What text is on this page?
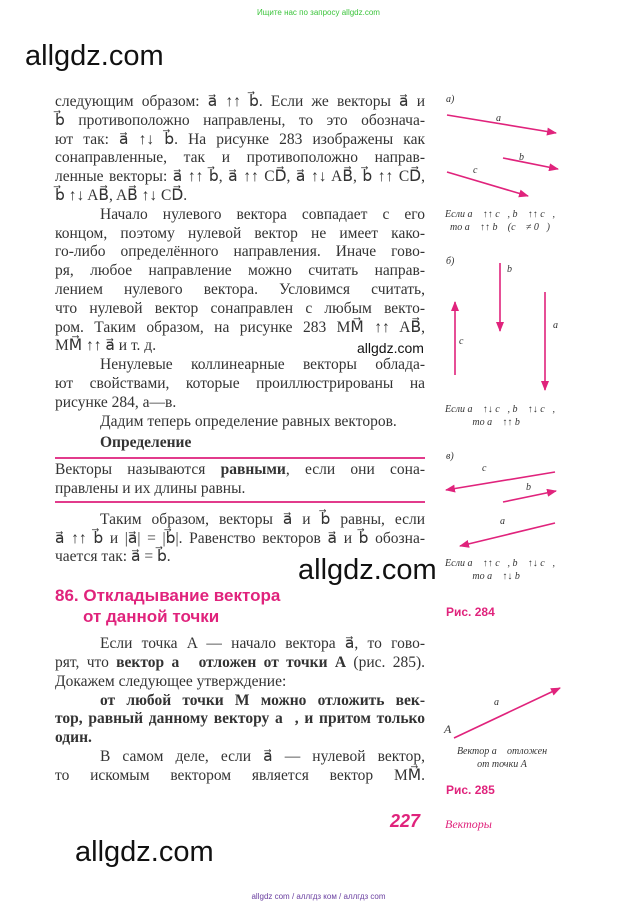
Ищите нас по запросу allgdz.com
allgdz.com
allgdz.com
allgdz.com
allgdz.com
следующим образом: a⃗ ↑↑ b⃗. Если же векторы a⃗ и
b⃗ противоположно направлены, то это обознача-
ют так: a⃗ ↑↓ b⃗. На рисунке 283 изображены как
сонаправленные, так и противоположно направ-
ленные векторы: a⃗ ↑↑ b⃗, a⃗ ↑↑ CD⃗, a⃗ ↑↓ AB⃗, b⃗ ↑↑ CD⃗,
b⃗ ↑↓ AB⃗, AB⃗ ↑↓ CD⃗.
Начало нулевого вектора совпадает с его
концом, поэтому нулевой вектор не имеет како-
го-либо определённого направления. Иначе гово-
ря, любое направление можно считать направ-
лением нулевого вектора. Условимся считать,
что нулевой вектор сонаправлен с любым векто-
ром. Таким образом, на рисунке 283 MM⃗ ↑↑ AB⃗,
MM⃗ ↑↑ a⃗ и т. д.
Ненулевые коллинеарные векторы облада-
ют свойствами, которые проиллюстрированы на
рисунке 284, а—в.
Дадим теперь определение равных векторов.
Определение
Векторы называются равными, если они сона-
правлены и их длины равны.
Таким образом, векторы a⃗ и b⃗ равны, если
a⃗ ↑↑ b⃗ и |a⃗| = |b⃗|. Равенство векторов a⃗ и b⃗ обозна-
чается так: a⃗ = b⃗.
86. Откладывание вектора
от данной точки
Если точка A — начало вектора a⃗, то гово-
рят, что вектор a⃗ отложен от точки A (рис. 285).
Докажем следующее утверждение:
от любой точки M можно отложить век-
тор, равный данному вектору a⃗, и притом только
один.
В самом деле, если a⃗ — нулевой вектор,
то искомым вектором является вектор MM⃗.
а)
a⃗
b⃗
c⃗
Если a⃗ ↑↑ c⃗, b⃗ ↑↑ c⃗,
то a⃗ ↑↑ b⃗ (c⃗ ≠ 0⃗)
б)
b⃗
c⃗
a⃗
Если a⃗ ↑↓ c⃗, b⃗ ↑↓ c⃗,
то a⃗ ↑↑ b⃗
в)
c⃗
b⃗
a⃗
Если a⃗ ↑↑ c⃗, b⃗ ↑↓ c⃗,
то a⃗ ↑↓ b⃗
Рис. 284
A
a⃗
Вектор a⃗ отложен
от точки A
Рис. 285
227 Векторы
allgdz com / аллгдз ком / аллгдз com
